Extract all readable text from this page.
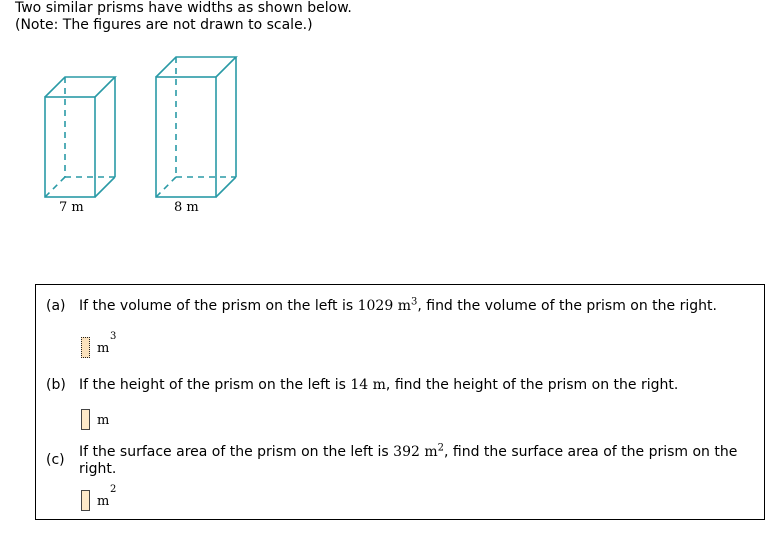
Two similar prisms have widths as shown below.
(Note: The figures are not drawn to scale.)
7 m	8 m
(a) If the volume of the prism on the left is 1029 $m^3$, find the volume of the prism on the right.
m
3
(b) If the height of the prism on the left is 14 m, find the height of the prism on the right.
m
(c) If the surface area of the prism on the left is 392 $m^2$, find the surface area of the prism on the
right.
m
2
